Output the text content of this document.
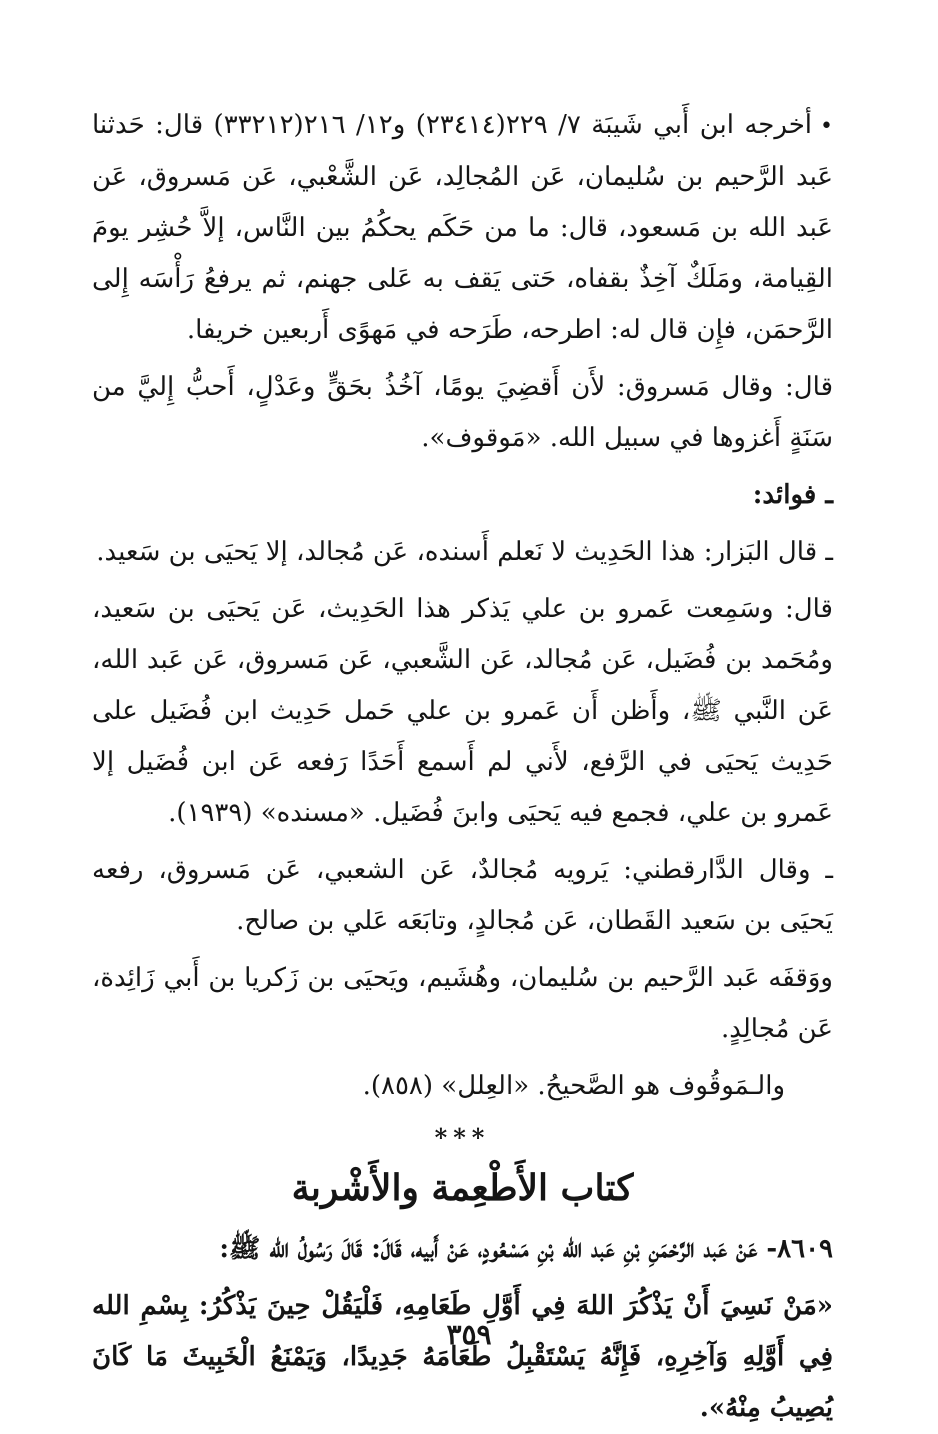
•أخرجه ابن أَبي شَيبَة ٧/ ٢٢٩(٢٣٤١٤) و١٢/ ٢١٦(٣٣٢١٢) قال: حَدثنا عَبد الرَّحيم بن سُليمان، عَن المُجالِد، عَن الشَّعْبي، عَن مَسروق، عَن عَبد الله بن مَسعود، قال: ما من حَكَم يحكُمُ بين النَّاس، إلاَّ حُشِر يومَ القِيامة، ومَلَكٌ آخِذٌ بقفاه، حَتى يَقف به عَلى جهنم، ثم يرفعُ رَأْسَه إِلى الرَّحمَن، فإِن قال له: اطرحه، طَرَحه في مَهوًى أَربعين خريفا.

قال: وقال مَسروق: لأَن أَقضِيَ يومًا، آخُذُ بحَقٍّ وعَدْلٍ، أَحبُّ إِليَّ من سَنَةٍ أَغزوها في سبيل الله. «مَوقوف».

ـ فوائد:

ـ قال البَزار: هذا الحَدِيث لا نَعلم أَسنده، عَن مُجالد، إلا يَحيَى بن سَعيد.

قال: وسَمِعت عَمرو بن علي يَذكر هذا الحَدِيث، عَن يَحيَى بن سَعيد، ومُحَمد بن فُضَيل، عَن مُجالد، عَن الشَّعبي، عَن مَسروق، عَن عَبد الله، عَن النَّبي ﷺ، وأَظن أَن عَمرو بن علي حَمل حَدِيث ابن فُضَيل على حَدِيث يَحيَى في الرَّفع، لأَني لم أَسمع أَحَدًا رَفعه عَن ابن فُضَيل إلا عَمرو بن علي، فجمع فيه يَحيَى وابنَ فُضَيل. «مسنده» (١٩٣٩).

ـ وقال الدَّارقطني: يَرويه مُجالدٌ، عَن الشعبي، عَن مَسروق، رفعه يَحيَى بن سَعيد القَطان، عَن مُجالدٍ، وتابَعَه عَلي بن صالح.

ووَقفَه عَبد الرَّحيم بن سُليمان، وهُشَيم، ويَحيَى بن زَكريا بن أَبي زَائِدة، عَن مُجالِدٍ.

والـمَوقُوف هو الصَّحيحُ. «العِلل» (٨٥٨).

***
كتاب الأَطْعِمة والأَشْربة

٨٦٠٩- عَنْ عَبد الرَّحْمَنِ بْنِ عَبد الله بْنِ مَسْعُودٍ، عَنْ أَبيه، قَالَ: قَالَ رَسُولُ الله ﷺ:

«مَنْ نَسِيَ أَنْ يَذْكُرَ اللهَ فِي أَوَّلِ طَعَامِهِ، فَلْيَقُلْ حِينَ يَذْكُرُ: بِسْمِ الله فِي أَوَّلِهِ وَآخِرِهِ، فَإِنَّهُ يَسْتَقْبِلُ طَعَامَهُ جَدِيدًا، وَيَمْنَعُ الْخَبِيثَ مَا كَانَ يُصِيبُ مِنْهُ».

٣٥٩
